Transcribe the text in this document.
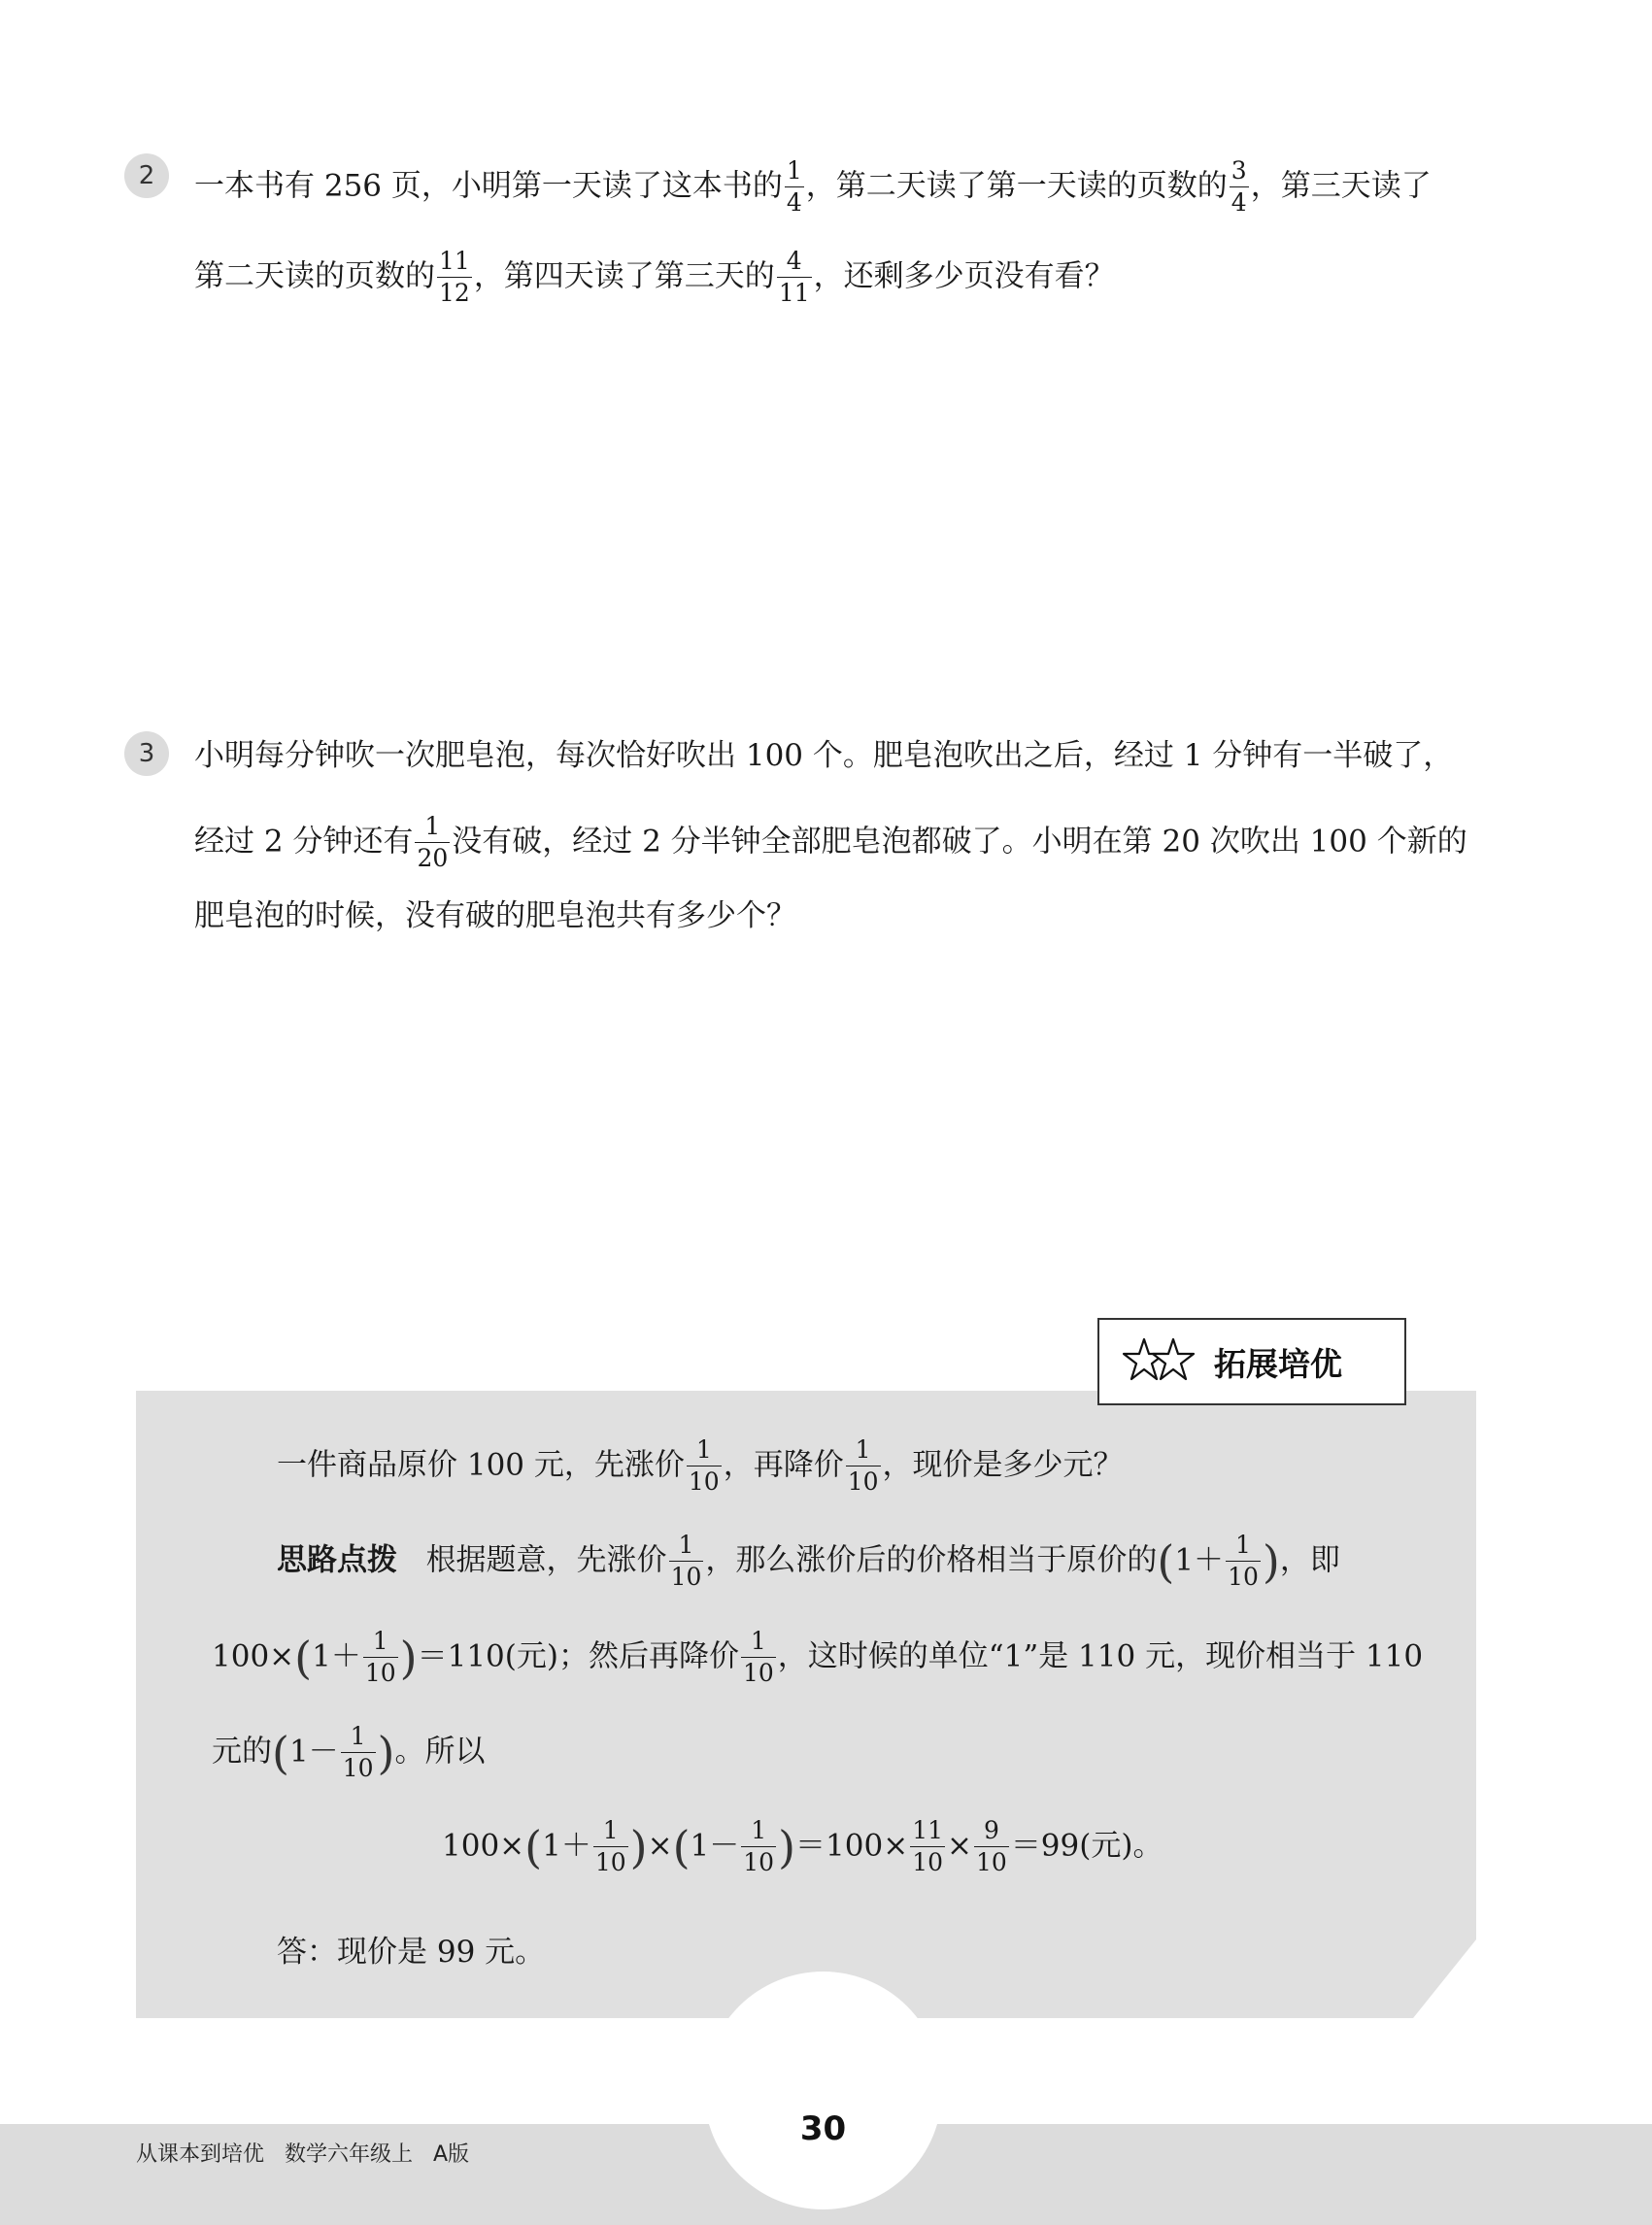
2	一本书有 256 页，小明第一天读了这本书的 $\frac{1}{4}$ ，第二天读了第一天读的页数的 $\frac{3}{4}$ ，第三天读了
第二天读的页数的 $\frac{11}{12}$ ，第四天读了第三天的 $\frac{4}{11}$ ，还剩多少页没有看？
3	小明每分钟吹一次肥皂泡，每次恰好吹出 100 个。肥皂泡吹出之后，经过 1 分钟有一半破了，
经过 2 分钟还有 $\frac{1}{20}$ 没有破，经过 2 分半钟全部肥皂泡都破了。小明在第 20 次吹出 100 个新的
肥皂泡的时候，没有破的肥皂泡共有多少个？
拓展培优
一件商品原价 100 元，先涨价 $\frac{1}{10}$ ，再降价 $\frac{1}{10}$ ，现价是多少元？
思路点拨 根据题意，先涨价 $\frac{1}{10}$ ，那么涨价后的价格相当于原价的($1+ \frac{1}{10}$ )，即
$100\times(1+ \frac{1}{10} )=110$(元)；然后再降价 $\frac{1}{10}$ ，这时候的单位“1”是 110 元，现价相当于 110
元的($1- \frac{1}{10}$ )。所以
$100\times(1+ \frac{1}{10} )\times(1- \frac{1}{10} )=100\times \frac{11}{10} \times \frac{9}{10} =99$(元)。
答：现价是 99 元。
30
从课本到培优 数学六年级上 A版
